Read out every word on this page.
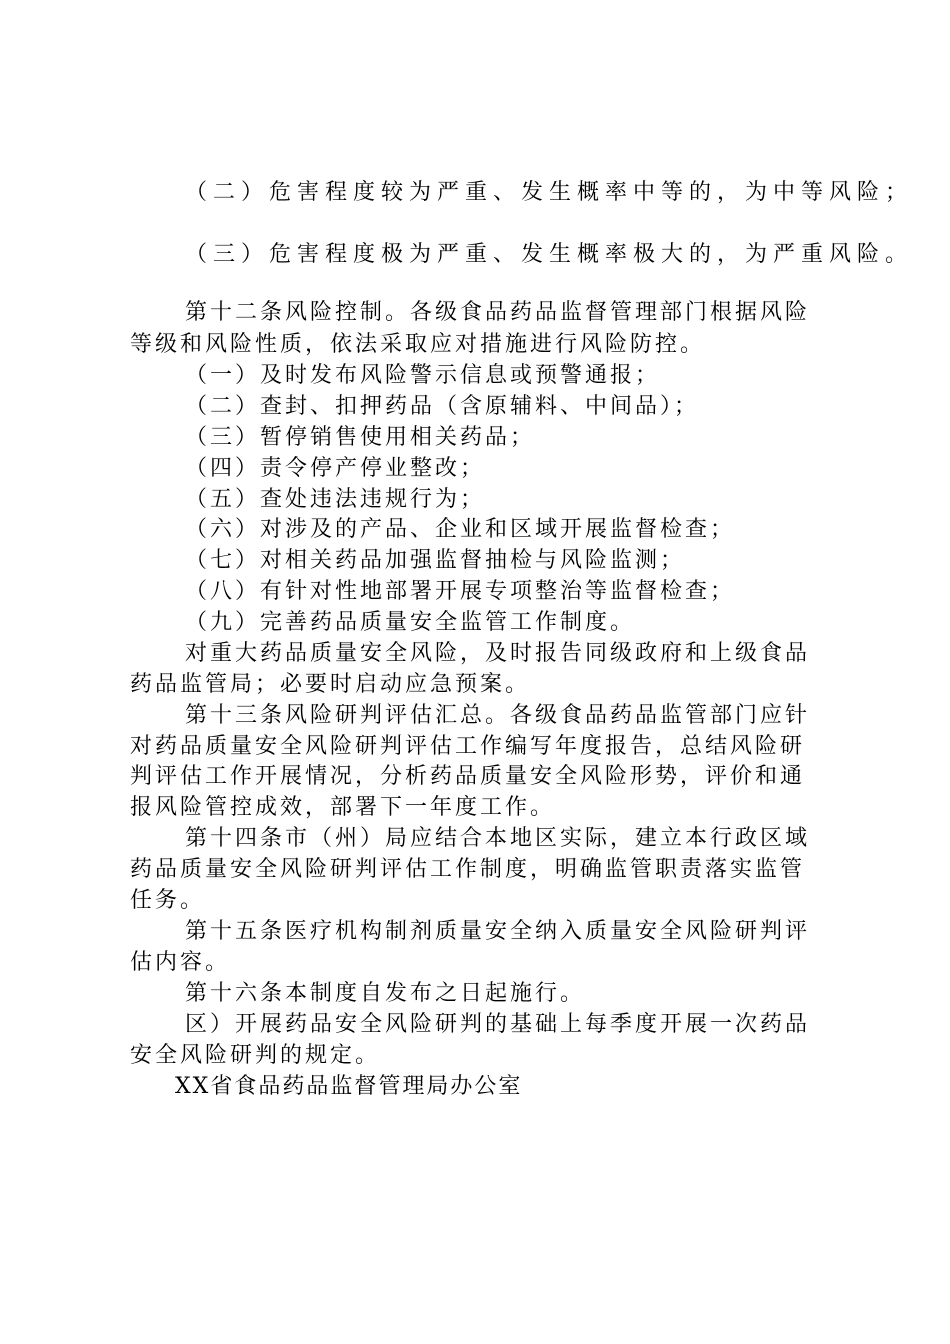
（二）危害程度较为严重、发生概率中等的，为中等风险；
（三）危害程度极为严重、发生概率极大的，为严重风险。
第十二条风险控制。各级食品药品监督管理部门根据风险
等级和风险性质，依法采取应对措施进行风险防控。
（一）及时发布风险警示信息或预警通报；
（二）查封、扣押药品（含原辅料、中间品）；
（三）暂停销售使用相关药品；
（四）责令停产停业整改；
（五）查处违法违规行为；
（六）对涉及的产品、企业和区域开展监督检查；
（七）对相关药品加强监督抽检与风险监测；
（八）有针对性地部署开展专项整治等监督检查；
（九）完善药品质量安全监管工作制度。
对重大药品质量安全风险，及时报告同级政府和上级食品
药品监管局；必要时启动应急预案。
第十三条风险研判评估汇总。各级食品药品监管部门应针
对药品质量安全风险研判评估工作编写年度报告，总结风险研
判评估工作开展情况，分析药品质量安全风险形势，评价和通
报风险管控成效，部署下一年度工作。
第十四条市（州）局应结合本地区实际，建立本行政区域
药品质量安全风险研判评估工作制度，明确监管职责落实监管
任务。
第十五条医疗机构制剂质量安全纳入质量安全风险研判评
估内容。
第十六条本制度自发布之日起施行。
区）开展药品安全风险研判的基础上每季度开展一次药品
安全风险研判的规定。
XX省食品药品监督管理局办公室
